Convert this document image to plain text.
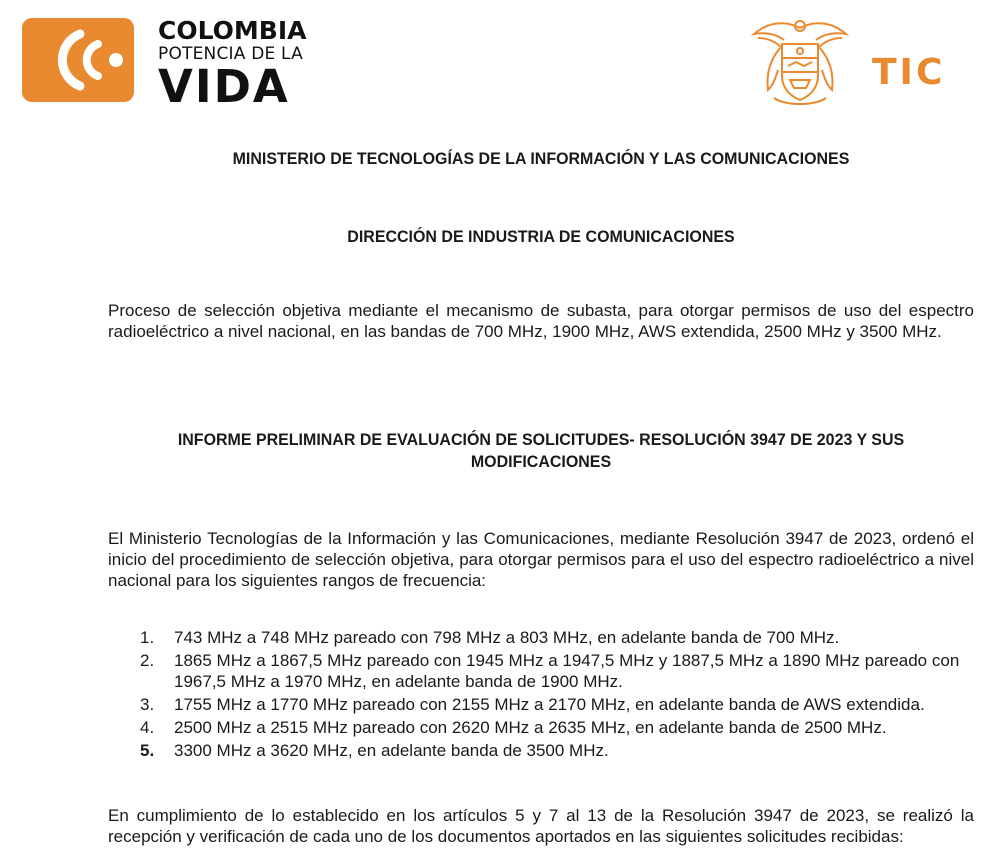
COLOMBIA
POTENCIA DE LA
VIDA	TIC
MINISTERIO DE TECNOLOGÍAS DE LA INFORMACIÓN Y LAS COMUNICACIONES
DIRECCIÓN DE INDUSTRIA DE COMUNICACIONES

Proceso de selección objetiva mediante el mecanismo de subasta, para otorgar permisos de uso del espectro radioeléctrico a nivel nacional, en las bandas de 700 MHz, 1900 MHz, AWS extendida, 2500 MHz y 3500 MHz.

INFORME PRELIMINAR DE EVALUACIÓN DE SOLICITUDES- RESOLUCIÓN 3947 DE 2023 Y SUS MODIFICACIONES

El Ministerio Tecnologías de la Información y las Comunicaciones, mediante Resolución 3947 de 2023, ordenó el inicio del procedimiento de selección objetiva, para otorgar permisos para el uso del espectro radioeléctrico a nivel nacional para los siguientes rangos de frecuencia:

1.	743 MHz a 748 MHz pareado con 798 MHz a 803 MHz, en adelante banda de 700 MHz.
2.	1865 MHz a 1867,5 MHz pareado con 1945 MHz a 1947,5 MHz y 1887,5 MHz a 1890 MHz pareado con 1967,5 MHz a 1970 MHz, en adelante banda de 1900 MHz.
3.	1755 MHz a 1770 MHz pareado con 2155 MHz a 2170 MHz, en adelante banda de AWS extendida.
4.	2500 MHz a 2515 MHz pareado con 2620 MHz a 2635 MHz, en adelante banda de 2500 MHz.
5.	3300 MHz a 3620 MHz, en adelante banda de 3500 MHz.

En cumplimiento de lo establecido en los artículos 5 y 7 al 13 de la Resolución 3947 de 2023, se realizó la recepción y verificación de cada uno de los documentos aportados en las siguientes solicitudes recibidas:
